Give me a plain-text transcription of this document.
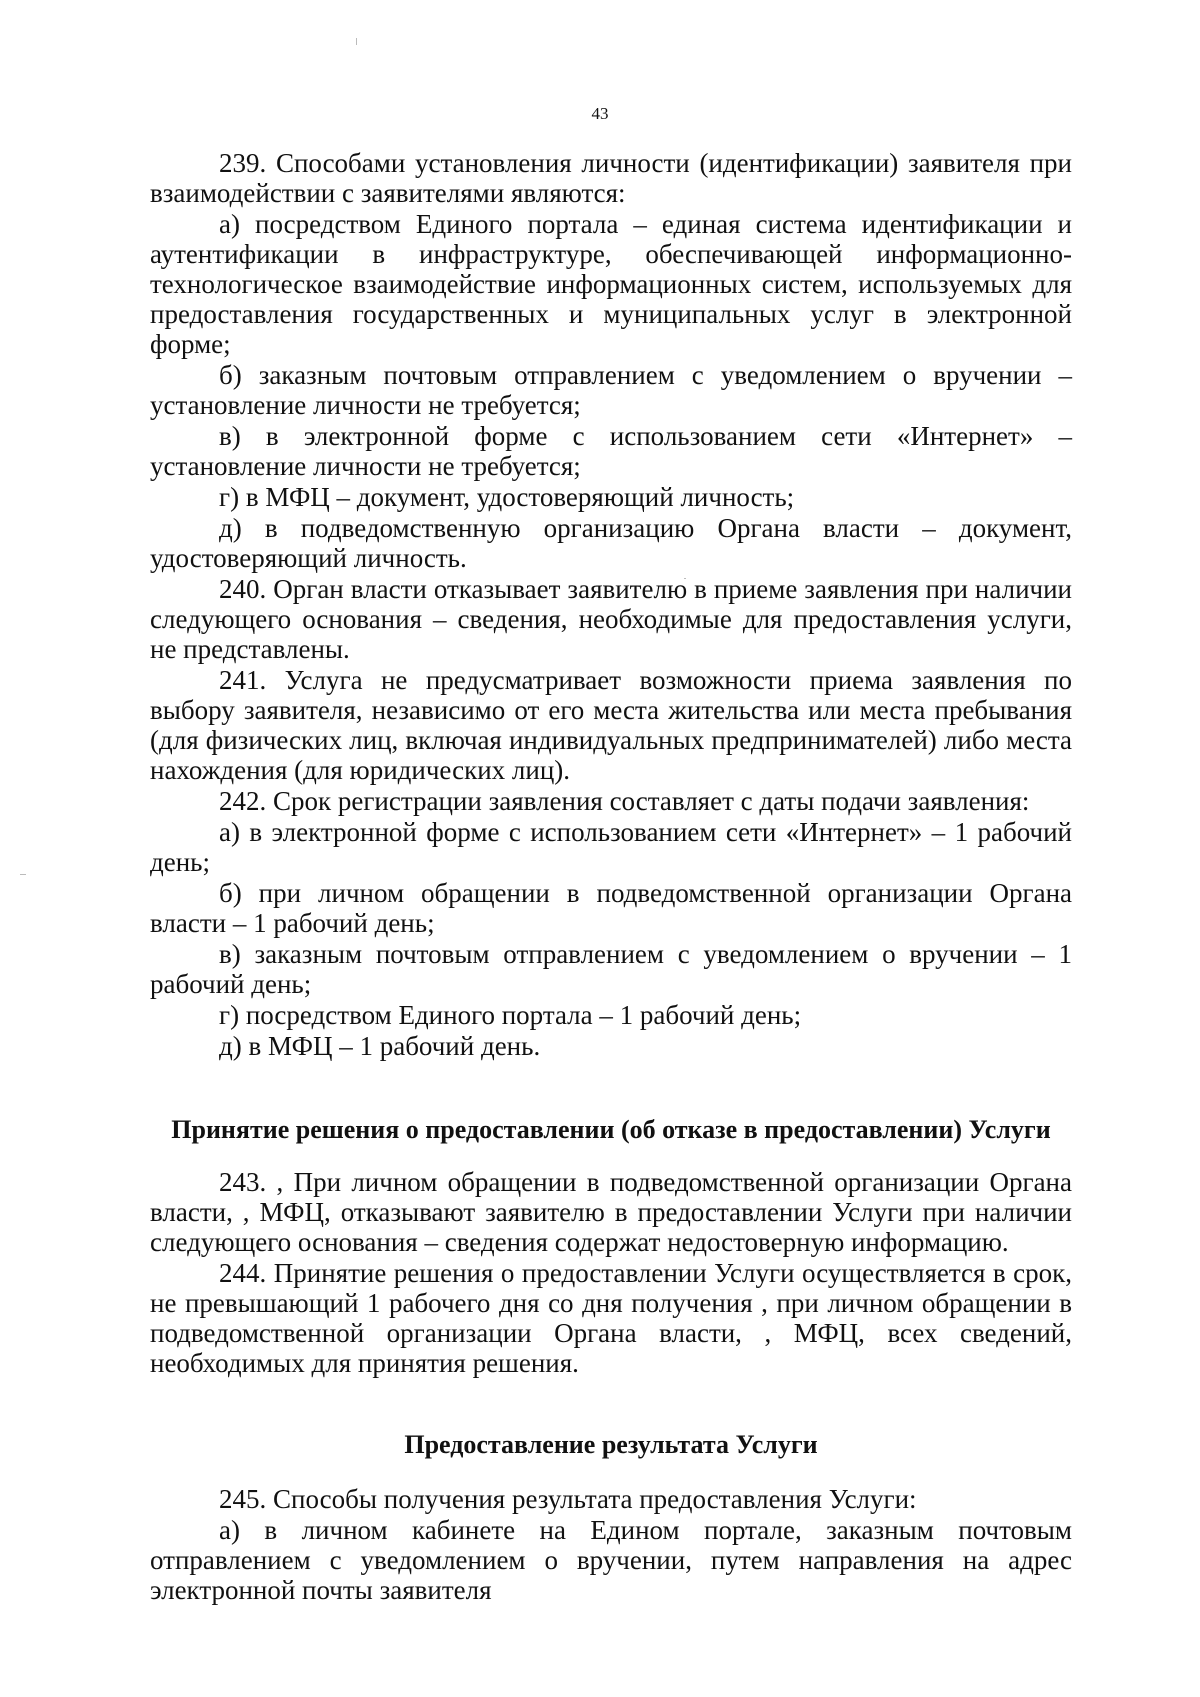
43

239. Способами установления личности (идентификации) заявителя при взаимодействии с заявителями являются:

а) посредством Единого портала – единая система идентификации и аутентификации в инфраструктуре, обеспечивающей информационно-технологическое взаимодействие информационных систем, используемых для предоставления государственных и муниципальных услуг в электронной форме;

б) заказным почтовым отправлением с уведомлением о вручении – установление личности не требуется;

в) в электронной форме с использованием сети «Интернет» – установление личности не требуется;

г) в МФЦ – документ, удостоверяющий личность;

д) в подведомственную организацию Органа власти – документ, удостоверяющий личность.

240. Орган власти отказывает заявителю в приеме заявления при наличии следующего основания – сведения, необходимые для предоставления услуги, не представлены.

241. Услуга не предусматривает возможности приема заявления по выбору заявителя, независимо от его места жительства или места пребывания (для физических лиц, включая индивидуальных предпринимателей) либо места нахождения (для юридических лиц).

242. Срок регистрации заявления составляет с даты подачи заявления:

а) в электронной форме с использованием сети «Интернет» – 1 рабочий день;

б) при личном обращении в подведомственной организации Органа власти – 1 рабочий день;

в) заказным почтовым отправлением с уведомлением о вручении – 1 рабочий день;

г) посредством Единого портала – 1 рабочий день;

д) в МФЦ – 1 рабочий день.

Принятие решения о предоставлении (об отказе в предоставлении) Услуги

243. , При личном обращении в подведомственной организации Органа власти, , МФЦ, отказывают заявителю в предоставлении Услуги при наличии следующего основания – сведения содержат недостоверную информацию.

244. Принятие решения о предоставлении Услуги осуществляется в срок, не превышающий 1 рабочего дня со дня получения , при личном обращении в подведомственной организации Органа власти, , МФЦ, всех сведений, необходимых для принятия решения.

Предоставление результата Услуги

245. Способы получения результата предоставления Услуги:

а) в личном кабинете на Едином портале, заказным почтовым отправлением с уведомлением о вручении, путем направления на адрес электронной почты заявителя
